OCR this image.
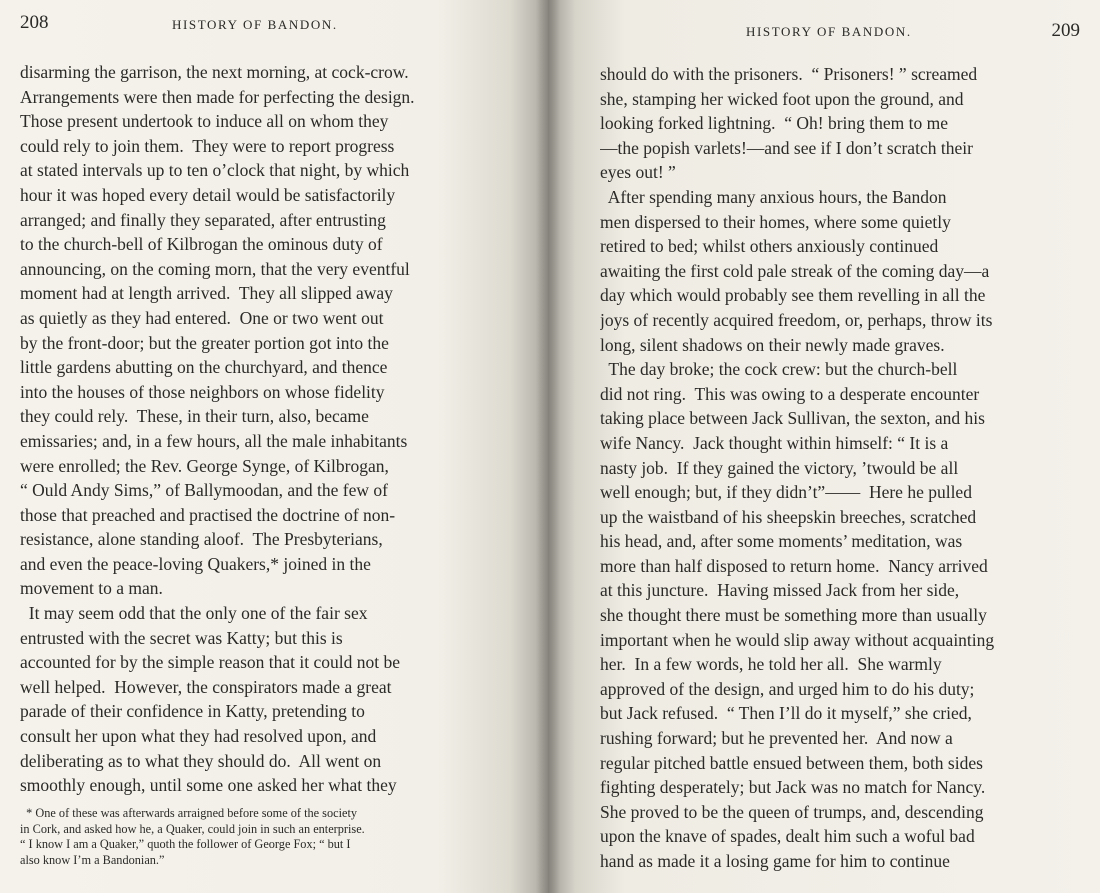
208	HISTORY OF BANDON.
disarming the garrison, the next morning, at cock-crow.
Arrangements were then made for perfecting the design.
Those present undertook to induce all on whom they
could rely to join them.  They were to report progress
at stated intervals up to ten o’clock that night, by which
hour it was hoped every detail would be satisfactorily
arranged; and finally they separated, after entrusting
to the church-bell of Kilbrogan the ominous duty of
announcing, on the coming morn, that the very eventful
moment had at length arrived.  They all slipped away
as quietly as they had entered.  One or two went out
by the front-door; but the greater portion got into the
little gardens abutting on the churchyard, and thence
into the houses of those neighbors on whose fidelity
they could rely.  These, in their turn, also, became
emissaries; and, in a few hours, all the male inhabitants
were enrolled; the Rev. George Synge, of Kilbrogan,
“ Ould Andy Sims,” of Ballymoodan, and the few of
those that preached and practised the doctrine of non-
resistance, alone standing aloof.  The Presbyterians,
and even the peace-loving Quakers,* joined in the
movement to a man.
It may seem odd that the only one of the fair sex
entrusted with the secret was Katty; but this is
accounted for by the simple reason that it could not be
well helped.  However, the conspirators made a great
parade of their confidence in Katty, pretending to
consult her upon what they had resolved upon, and
deliberating as to what they should do.  All went on
smoothly enough, until some one asked her what they
* One of these was afterwards arraigned before some of the society
in Cork, and asked how he, a Quaker, could join in such an enterprise.
“ I know I am a Quaker,” quoth the follower of George Fox; “ but I
also know I’m a Bandonian.”
HISTORY OF BANDON.	209
should do with the prisoners.  “ Prisoners! ” screamed
she, stamping her wicked foot upon the ground, and
looking forked lightning.  “ Oh! bring them to me
—the popish varlets!—and see if I don’t scratch their
eyes out! ”
After spending many anxious hours, the Bandon
men dispersed to their homes, where some quietly
retired to bed; whilst others anxiously continued
awaiting the first cold pale streak of the coming day—a
day which would probably see them revelling in all the
joys of recently acquired freedom, or, perhaps, throw its
long, silent shadows on their newly made graves.
The day broke; the cock crew: but the church-bell
did not ring.  This was owing to a desperate encounter
taking place between Jack Sullivan, the sexton, and his
wife Nancy.  Jack thought within himself: “ It is a
nasty job.  If they gained the victory, ’twould be all
well enough; but, if they didn’t”——  Here he pulled
up the waistband of his sheepskin breeches, scratched
his head, and, after some moments’ meditation, was
more than half disposed to return home.  Nancy arrived
at this juncture.  Having missed Jack from her side,
she thought there must be something more than usually
important when he would slip away without acquainting
her.  In a few words, he told her all.  She warmly
approved of the design, and urged him to do his duty;
but Jack refused.  “ Then I’ll do it myself,” she cried,
rushing forward; but he prevented her.  And now a
regular pitched battle ensued between them, both sides
fighting desperately; but Jack was no match for Nancy.
She proved to be the queen of trumps, and, descending
upon the knave of spades, dealt him such a woful bad
hand as made it a losing game for him to continue
